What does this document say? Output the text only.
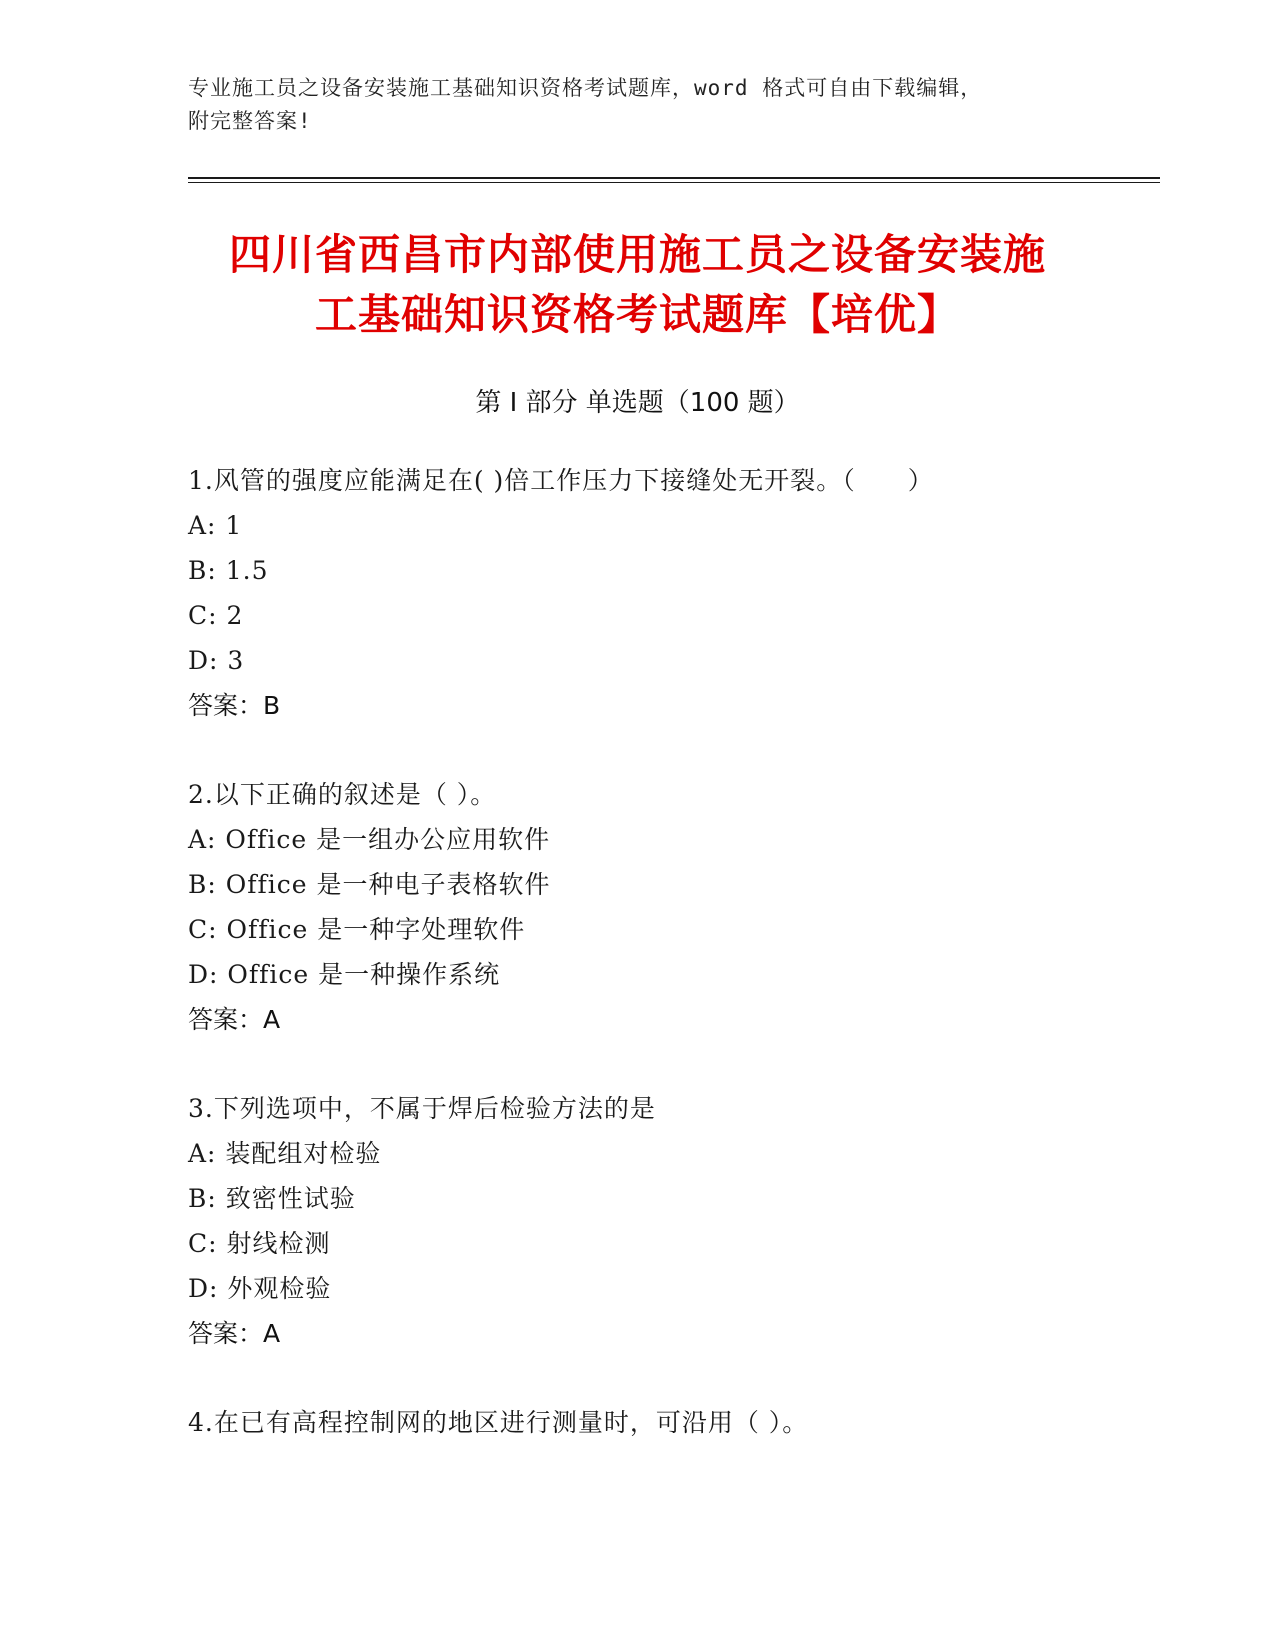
专业施工员之设备安装施工基础知识资格考试题库，word 格式可自由下载编辑，
附完整答案!
四川省西昌市内部使用施工员之设备安装施
工基础知识资格考试题库【培优】
第 I 部分 单选题（100 题）
1.风管的强度应能满足在( )倍工作压力下接缝处无开裂。（　　）
A: 1
B: 1.5
C: 2
D: 3
答案：B
2.以下正确的叙述是（ ）。
A: Office 是一组办公应用软件
B: Office 是一种电子表格软件
C: Office 是一种字处理软件
D: Office 是一种操作系统
答案：A
3.下列选项中，不属于焊后检验方法的是
A: 装配组对检验
B: 致密性试验
C: 射线检测
D: 外观检验
答案：A
4.在已有高程控制网的地区进行测量时，可沿用（ ）。
